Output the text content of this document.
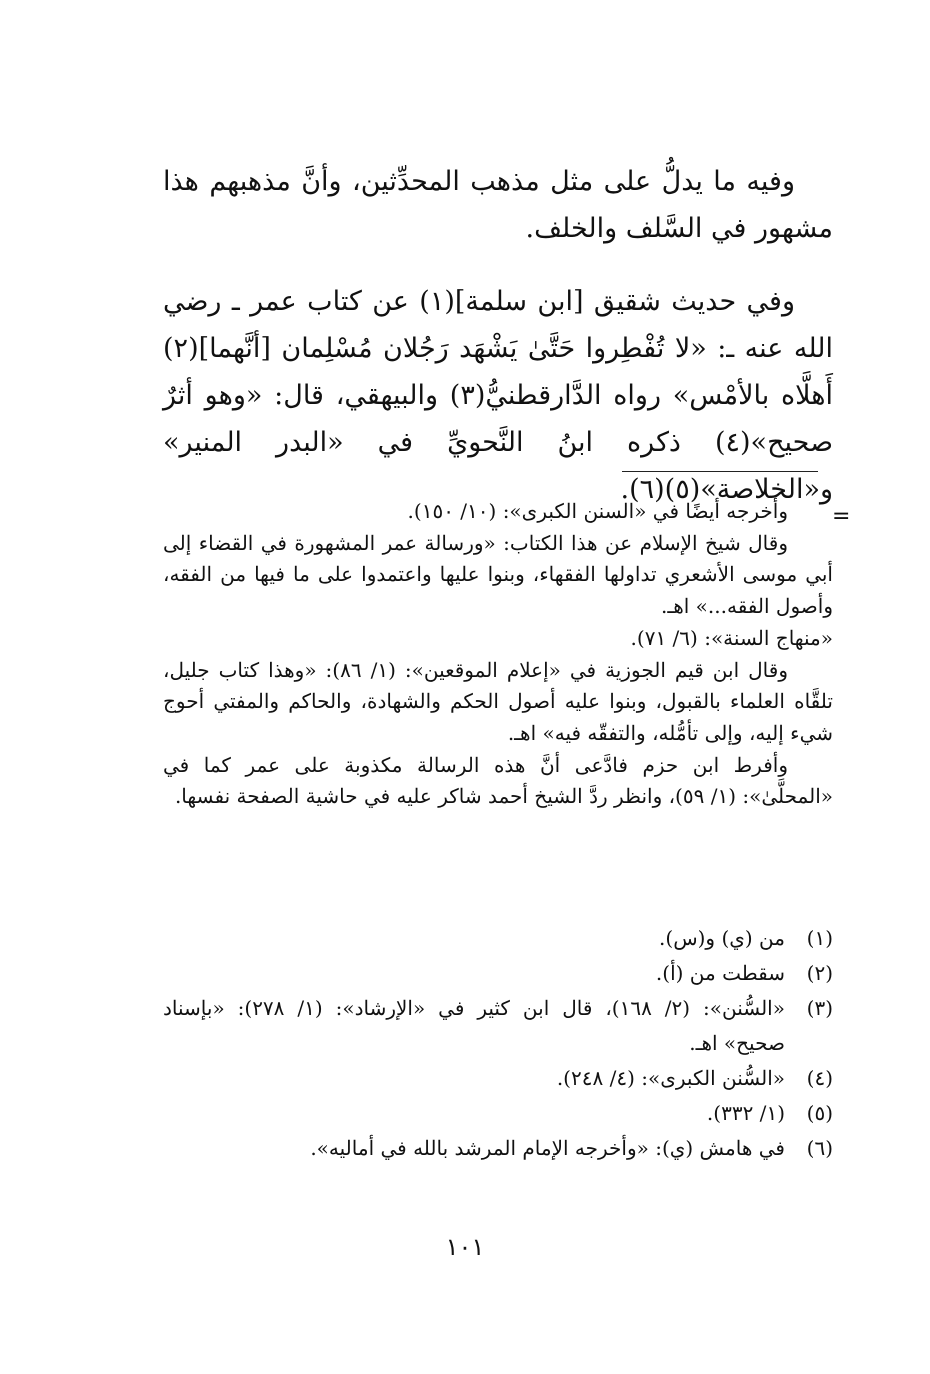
وفيه ما يدلُّ على مثل مذهب المحدِّثين، وأنَّ مذهبهم هذا مشهور في السَّلف والخلف.

وفي حديث شقيق [ابن سلمة](١) عن كتاب عمر ـ رضي الله عنه ـ: «لا تُفْطِروا حَتَّىٰ يَشْهَد رَجُلان مُسْلِمان [أنَّهما](٢) أَهلَّاه بالأمْس» رواه الدَّارقطنيُّ(٣) والبيهقي، قال: «وهو أثرٌ صحيح»(٤) ذكره ابنُ النَّحويِّ في «البدر المنير» و«الخلاصة»(٥)(٦).

=

وأخرجه أيضًا في «السنن الكبرى»: (١٠/ ١٥٠).

وقال شيخ الإسلام عن هذا الكتاب: «ورسالة عمر المشهورة في القضاء إلى أبي موسى الأشعري تداولها الفقهاء، وبنوا عليها واعتمدوا على ما فيها من الفقه، وأصول الفقه...» اهـ.

«منهاج السنة»: (٦/ ٧١).

وقال ابن قيم الجوزية في «إعلام الموقعين»: (١/ ٨٦): «وهذا كتاب جليل، تلقَّاه العلماء بالقبول، وبنوا عليه أصول الحكم والشهادة، والحاكم والمفتي أحوج شيء إليه، وإلى تأمُّله، والتفقّه فيه» اهـ.

وأفرط ابن حزم فادَّعى أنَّ هذه الرسالة مكذوبة على عمر كما في «المحلَّىٰ»: (١/ ٥٩)، وانظر ردَّ الشيخ أحمد شاكر عليه في حاشية الصفحة نفسها.

(١)
من (ي) و(س).
(٢)
سقطت من (أ).
(٣)
«السُّنن»: (٢/ ١٦٨)، قال ابن كثير في «الإرشاد»: (١/ ٢٧٨): «بإسناد صحيح» اهـ.
(٤)
«السُّنن الكبرى»: (٤/ ٢٤٨).
(٥)
(١/ ٣٣٢).
(٦)
في هامش (ي): «وأخرجه الإمام المرشد بالله في أماليه».
١٠١
